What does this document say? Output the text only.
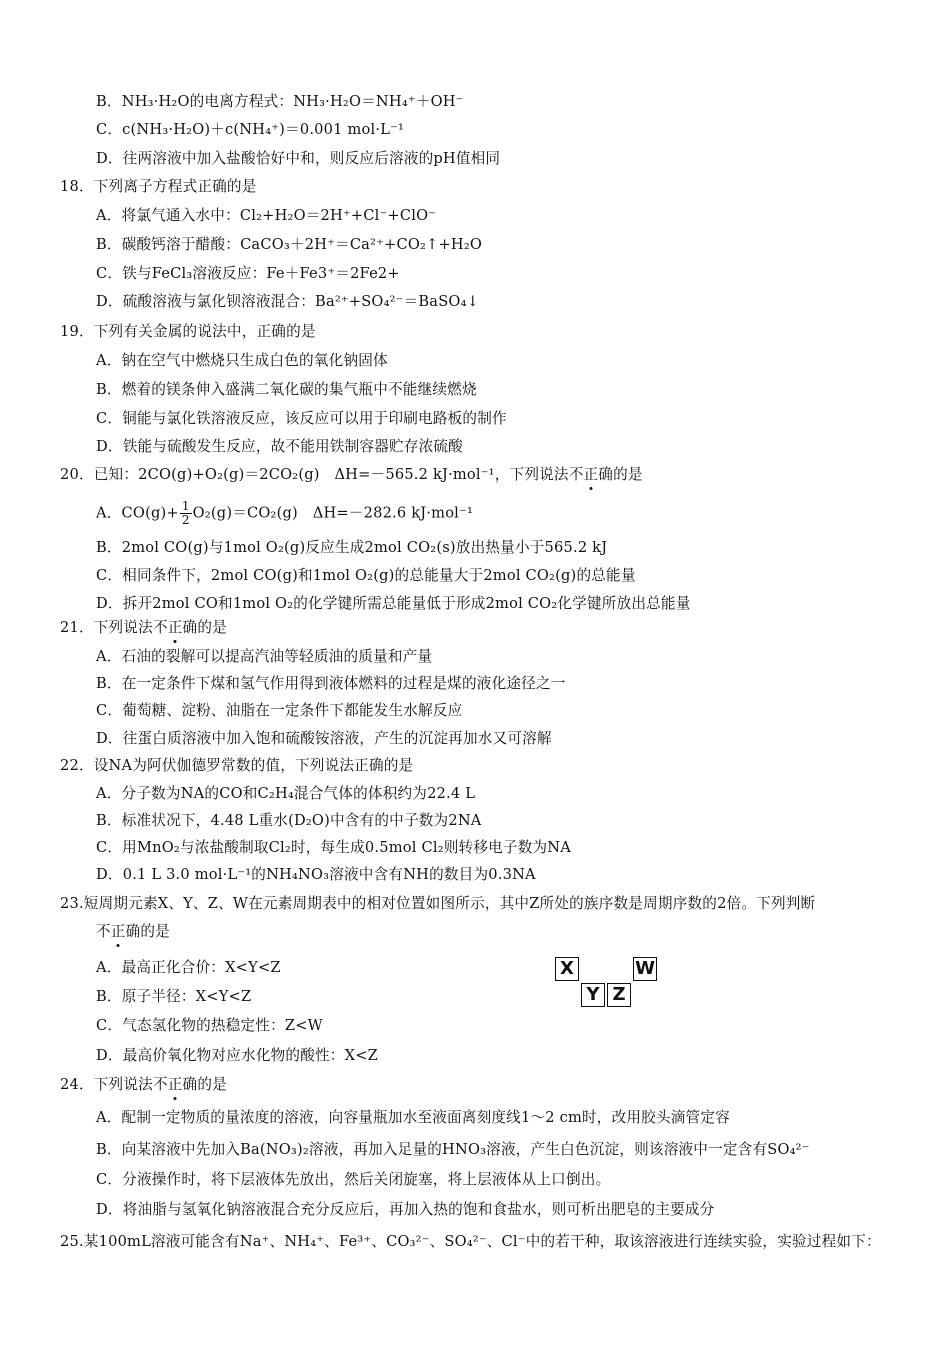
B．NH₃·H₂O的电离方程式：NH₃·H₂O＝NH₄⁺＋OH⁻
C．c(NH₃·H₂O)＋c(NH₄⁺)＝0.001 mol·L⁻¹
D．往两溶液中加入盐酸恰好中和，则反应后溶液的pH值相同
18．下列离子方程式正确的是
A．将氯气通入水中：Cl₂+H₂O＝2H⁺+Cl⁻+ClO⁻
B．碳酸钙溶于醋酸：CaCO₃＋2H⁺＝Ca²⁺+CO₂↑+H₂O
C．铁与FeCl₃溶液反应：Fe＋Fe3⁺＝2Fe2+
D．硫酸溶液与氯化钡溶液混合：Ba²⁺+SO₄²⁻＝BaSO₄↓
19．下列有关金属的说法中，正确的是
A．钠在空气中燃烧只生成白色的氧化钠固体
B．燃着的镁条伸入盛满二氧化碳的集气瓶中不能继续燃烧
C．铜能与氯化铁溶液反应，该反应可以用于印刷电路板的制作
D．铁能与硫酸发生反应，故不能用铁制容器贮存浓硫酸
20．已知：2CO(g)+O₂(g)＝2CO₂(g)　ΔH=－565.2 kJ·mol⁻¹，下列说法不正确的是
A．$CO(g)+ \frac{1}{2} O_2(g)=CO_2(g)$　ΔH=－282.6 kJ·mol⁻¹
B．2mol CO(g)与1mol O₂(g)反应生成2mol CO₂(s)放出热量小于565.2 kJ
C．相同条件下，2mol CO(g)和1mol O₂(g)的总能量大于2mol CO₂(g)的总能量
D．拆开2mol CO和1mol O₂的化学键所需总能量低于形成2mol CO₂化学键所放出总能量
21．下列说法不正确的是
A．石油的裂解可以提高汽油等轻质油的质量和产量
B．在一定条件下煤和氢气作用得到液体燃料的过程是煤的液化途径之一
C．葡萄糖、淀粉、油脂在一定条件下都能发生水解反应
D．往蛋白质溶液中加入饱和硫酸铵溶液，产生的沉淀再加水又可溶解
22．设NA为阿伏伽德罗常数的值，下列说法正确的是
A．分子数为NA的CO和C₂H₄混合气体的体积约为22.4 L
B．标准状况下，4.48 L重水(D₂O)中含有的中子数为2NA
C．用MnO₂与浓盐酸制取Cl₂时，每生成0.5mol Cl₂则转移电子数为NA
D．0.1 L 3.0 mol·L⁻¹的NH₄NO₃溶液中含有NH的数目为0.3NA
23.短周期元素X、Y、Z、W在元素周期表中的相对位置如图所示，其中Z所处的族序数是周期序数的2倍。下列判断
不正确的是
A．最高正化合价：X<Y<Z
B．原子半径：X<Y<Z
C．气态氢化物的热稳定性：Z<W
D．最高价氧化物对应水化物的酸性：X<Z
X	W
Y Z
24．下列说法不正确的是
A．配制一定物质的量浓度的溶液，向容量瓶加水至液面离刻度线1～2 cm时，改用胶头滴管定容
B．向某溶液中先加入Ba(NO₃)₂溶液，再加入足量的HNO₃溶液，产生白色沉淀，则该溶液中一定含有SO₄²⁻
C．分液操作时，将下层液体先放出，然后关闭旋塞，将上层液体从上口倒出。
D．将油脂与氢氧化钠溶液混合充分反应后，再加入热的饱和食盐水，则可析出肥皂的主要成分
25.某100mL溶液可能含有Na⁺、NH₄⁺、Fe³⁺、CO₃²⁻、SO₄²⁻、Cl⁻中的若干种，取该溶液进行连续实验，实验过程如下：
